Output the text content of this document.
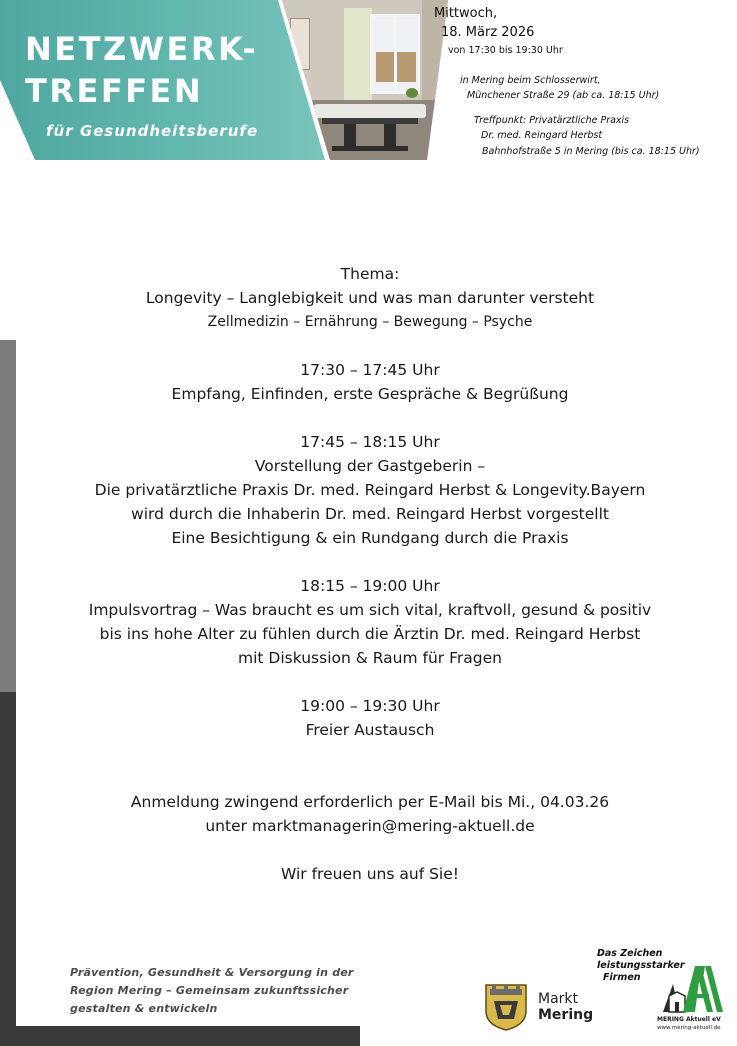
NETZWERK-
TREFFEN
für Gesundheitsberufe
Mittwoch,
18. März 2026
von 17:30 bis 19:30 Uhr
in Mering beim Schlosserwirt,
Münchener Straße 29 (ab ca. 18:15 Uhr)
Treffpunkt: Privatärztliche Praxis
Dr. med. Reingard Herbst
Bahnhofstraße 5 in Mering (bis ca. 18:15 Uhr)
Thema:
Longevity – Langlebigkeit und was man darunter versteht
Zellmedizin – Ernährung – Bewegung – Psyche
17:30 – 17:45 Uhr
Empfang, Einfinden, erste Gespräche & Begrüßung
17:45 – 18:15 Uhr
Vorstellung der Gastgeberin –
Die privatärztliche Praxis Dr. med. Reingard Herbst & Longevity.Bayern
wird durch die Inhaberin Dr. med. Reingard Herbst vorgestellt
Eine Besichtigung & ein Rundgang durch die Praxis
18:15 – 19:00 Uhr
Impulsvortrag – Was braucht es um sich vital, kraftvoll, gesund & positiv
bis ins hohe Alter zu fühlen durch die Ärztin Dr. med. Reingard Herbst
mit Diskussion & Raum für Fragen
19:00 – 19:30 Uhr
Freier Austausch
Anmeldung zwingend erforderlich per E-Mail bis Mi., 04.03.26
unter marktmanagerin@mering-aktuell.de
Wir freuen uns auf Sie!
Prävention, Gesundheit & Versorgung in der
Region Mering – Gemeinsam zukunftssicher
gestalten & entwickeln
Markt
Mering
Das Zeichen
leistungsstarker
Firmen
MERING Aktuell eV
www.mering-aktuell.de
